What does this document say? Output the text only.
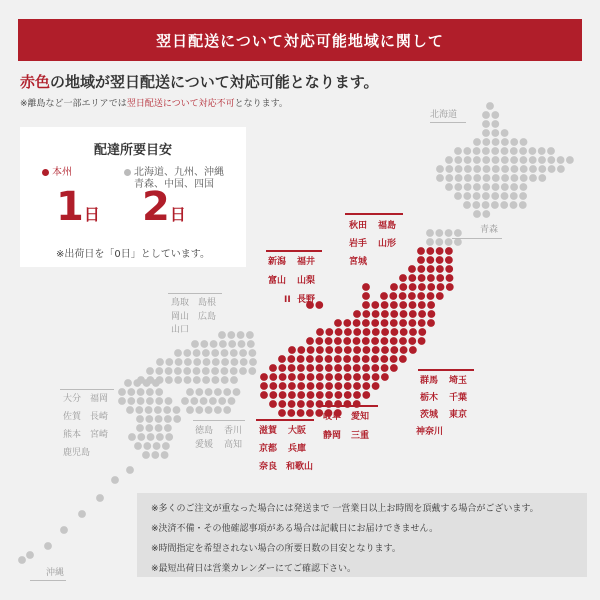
翌日配送について対応可能地域に関して
赤色の地域が翌日配送について対応可能となります。
※離島など一部エリアでは翌日配送について対応不可となります。
配達所要目安
本州	北海道、九州、沖縄
青森、中国、四国
1日 2日
※出荷日を「0日」としています。
北海道
青森
秋田 福島
岩手 山形
宮城
新潟 福井
富山 山梨
II 長野
群馬 埼玉
栃木 千葉
茨城 東京
神奈川
岐阜 愛知
静岡 三重
滋賀 大阪
京都 兵庫
奈良 和歌山
鳥取 島根
岡山 広島
山口
徳島 香川
愛媛 高知
大分 福岡
佐賀 長崎
熊本 宮崎
鹿児島
沖縄
※多くのご注文が重なった場合には発送まで 一営業日以上お時間を頂戴する場合がございます。
※決済不備・その他確認事項がある場合は記載日にお届けできません。
※時間指定を希望されない場合の所要日数の目安となります。
※最短出荷日は営業カレンダーにてご確認下さい。
